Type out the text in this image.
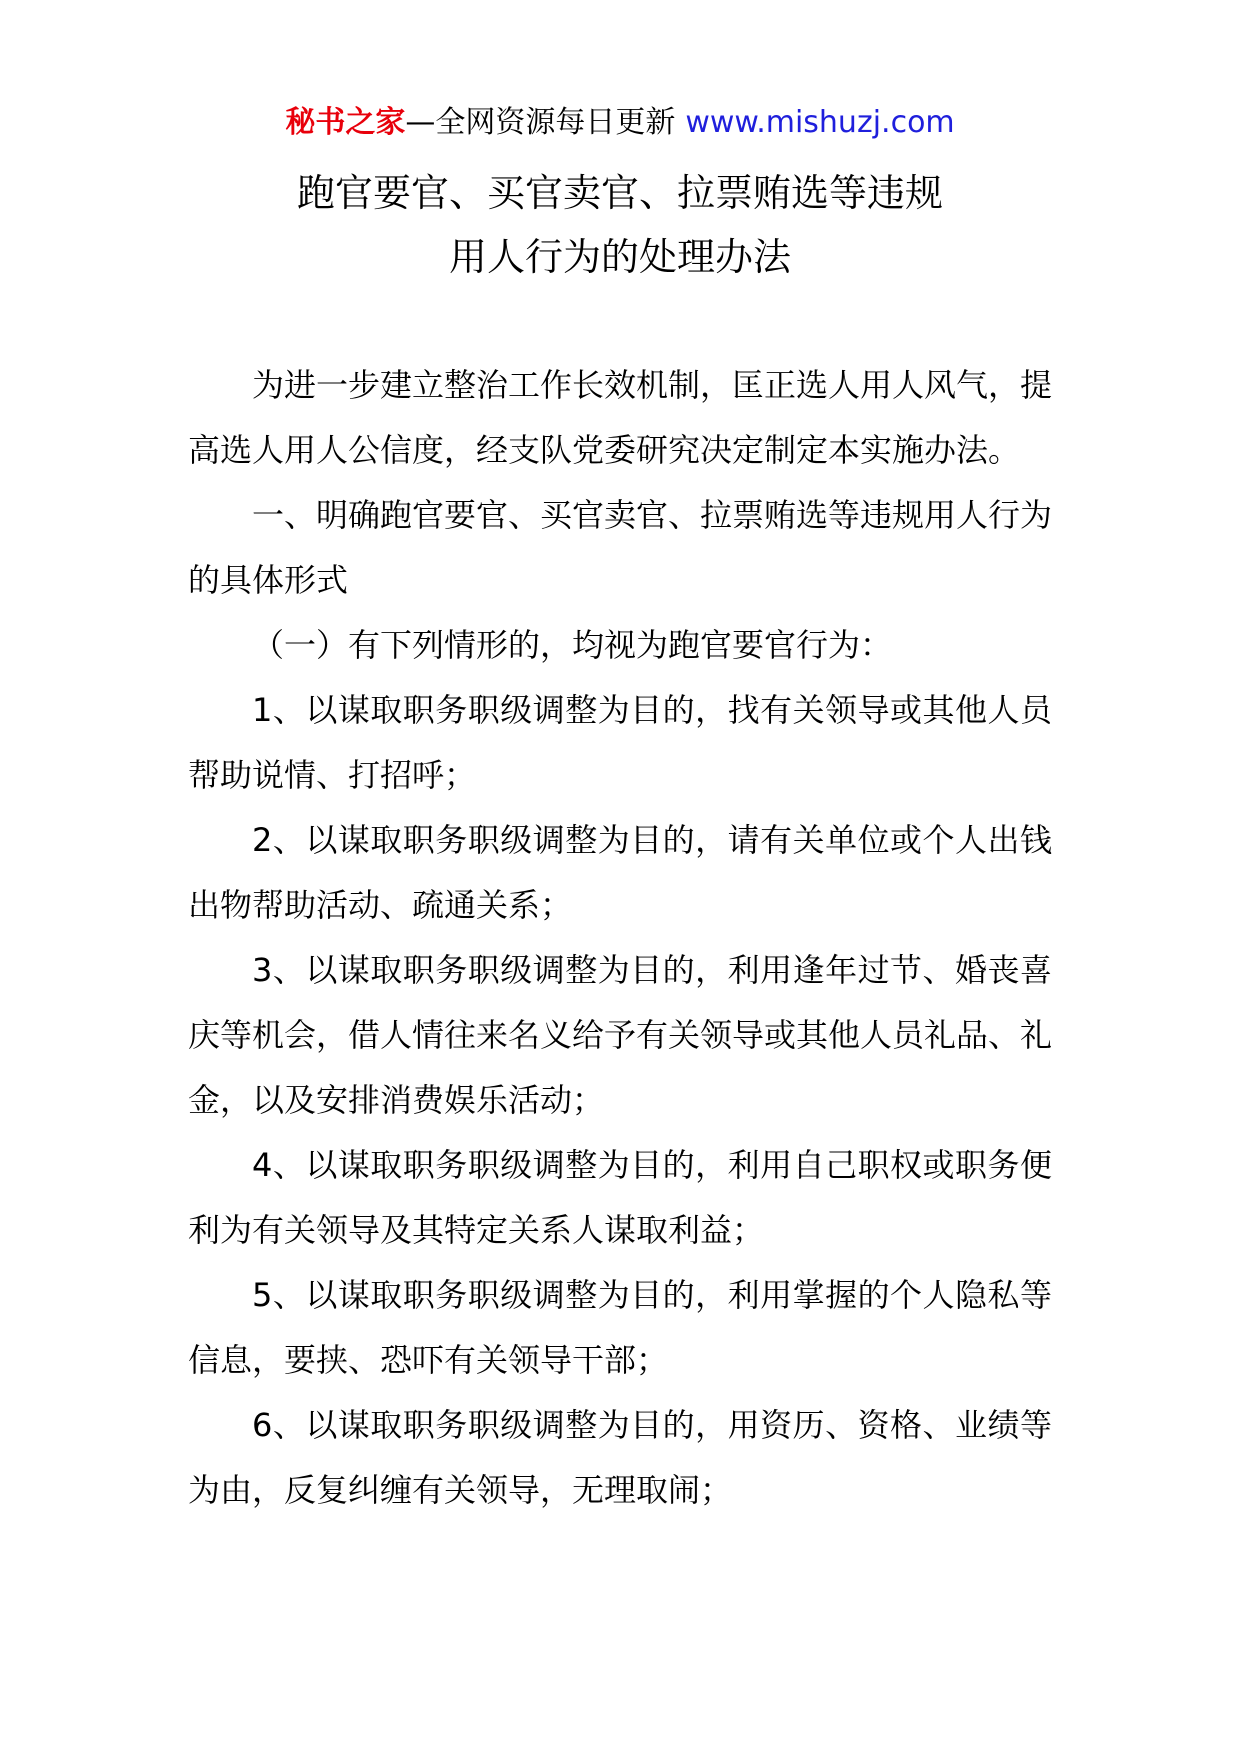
秘书之家—全网资源每日更新 www.mishuzj.com
跑官要官、买官卖官、拉票贿选等违规
用人行为的处理办法

为进一步建立整治工作长效机制，匡正选人用人风气，提高选人用人公信度，经支队党委研究决定制定本实施办法。

一、明确跑官要官、买官卖官、拉票贿选等违规用人行为的具体形式

（一）有下列情形的，均视为跑官要官行为：

1、以谋取职务职级调整为目的，找有关领导或其他人员帮助说情、打招呼；

2、以谋取职务职级调整为目的，请有关单位或个人出钱出物帮助活动、疏通关系；

3、以谋取职务职级调整为目的，利用逢年过节、婚丧喜庆等机会，借人情往来名义给予有关领导或其他人员礼品、礼金，以及安排消费娱乐活动；

4、以谋取职务职级调整为目的，利用自己职权或职务便利为有关领导及其特定关系人谋取利益；

5、以谋取职务职级调整为目的，利用掌握的个人隐私等信息，要挟、恐吓有关领导干部；

6、以谋取职务职级调整为目的，用资历、资格、业绩等为由，反复纠缠有关领导，无理取闹；
